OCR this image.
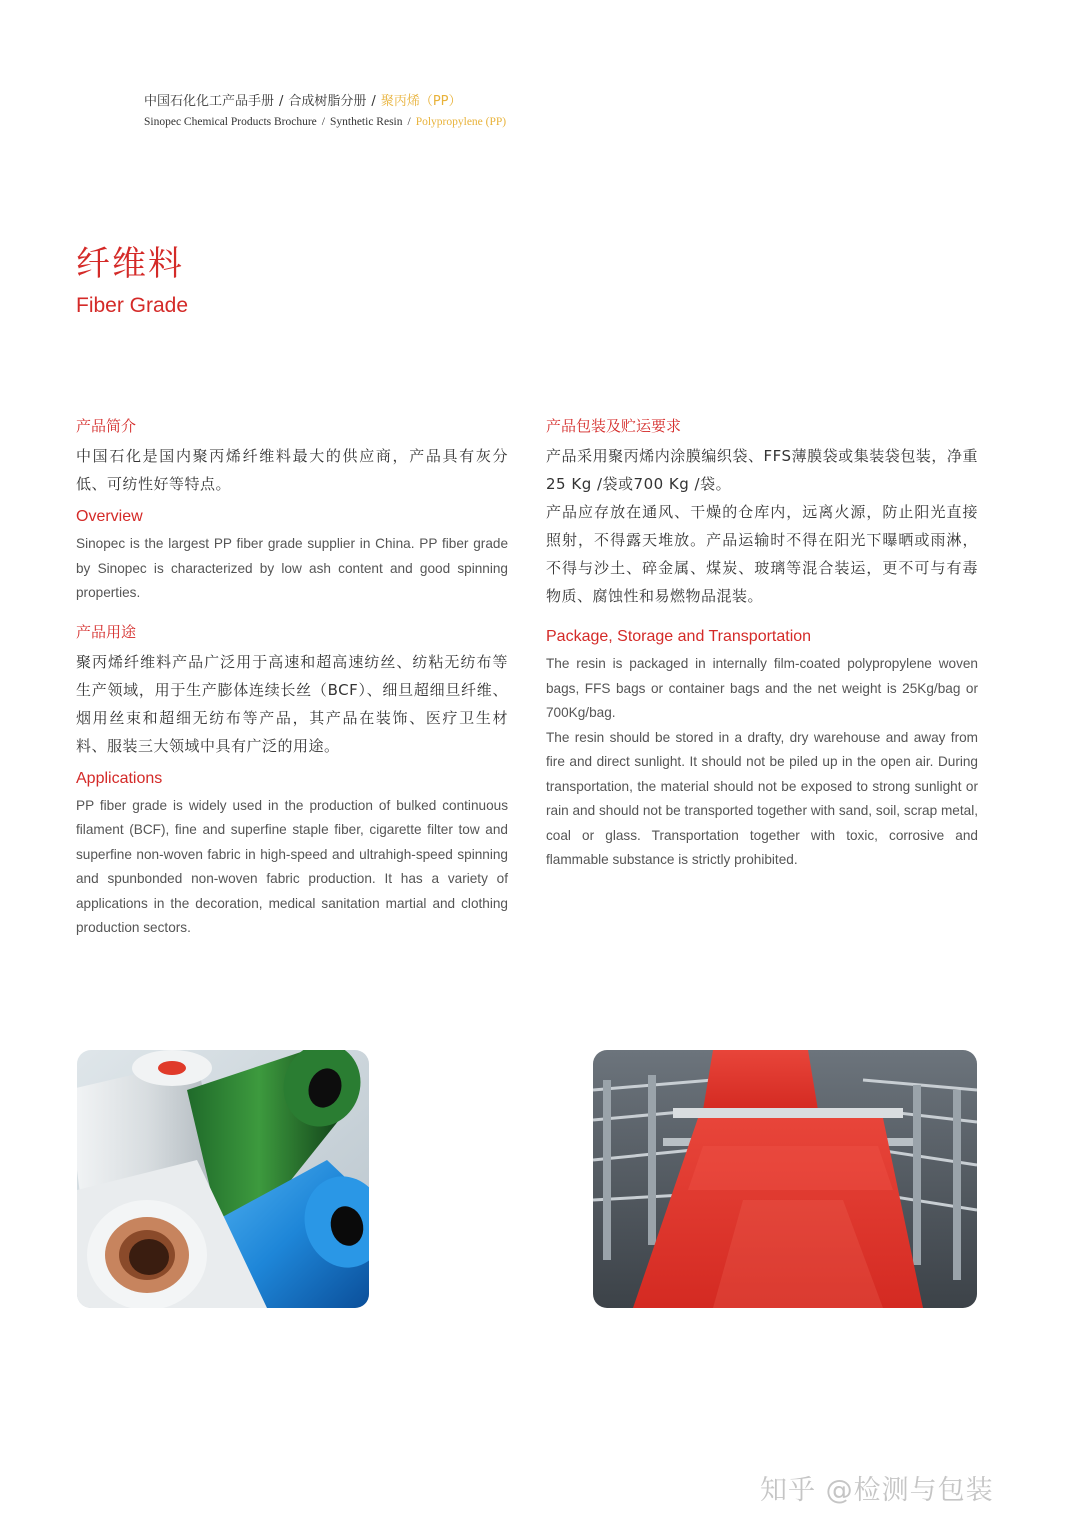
中国石化化工产品手册 / 合成树脂分册 / 聚丙烯（PP）
Sinopec Chemical Products Brochure / Synthetic Resin / Polypropylene (PP)
纤维料
Fiber Grade
产品简介

中国石化是国内聚丙烯纤维料最大的供应商，产品具有灰分低、可纺性好等特点。

Overview

Sinopec is the largest PP fiber grade supplier in China. PP fiber grade by Sinopec is characterized by low ash content and good spinning properties.

产品用途

聚丙烯纤维料产品广泛用于高速和超高速纺丝、纺粘无纺布等生产领域，用于生产膨体连续长丝（BCF）、细旦超细旦纤维、烟用丝束和超细无纺布等产品，其产品在装饰、医疗卫生材料、服装三大领域中具有广泛的用途。

Applications

PP fiber grade is widely used in the production of bulked continuous filament (BCF), fine and superfine staple fiber, cigarette filter tow and superfine non-woven fabric in high-speed and ultrahigh-speed spinning and spunbonded non-woven fabric production. It has a variety of applications in the decoration, medical sanitation martial and clothing production sectors.

产品包装及贮运要求

产品采用聚丙烯内涂膜编织袋、FFS薄膜袋或集装袋包装，净重25 Kg /袋或700 Kg /袋。

产品应存放在通风、干燥的仓库内，远离火源，防止阳光直接照射，不得露天堆放。产品运输时不得在阳光下曝晒或雨淋，不得与沙土、碎金属、煤炭、玻璃等混合装运，更不可与有毒物质、腐蚀性和易燃物品混装。

Package, Storage and Transportation

The resin is packaged in internally film-coated polypropylene woven bags, FFS bags or container bags and the net weight is 25Kg/bag or 700Kg/bag.

The resin should be stored in a drafty, dry warehouse and away from fire and direct sunlight. It should not be piled up in the open air. During transportation, the material should not be exposed to strong sunlight or rain and should not be transported together with sand, soil, scrap metal, coal or glass. Transportation together with toxic, corrosive and flammable substance is strictly prohibited.

知乎 @检测与包装
